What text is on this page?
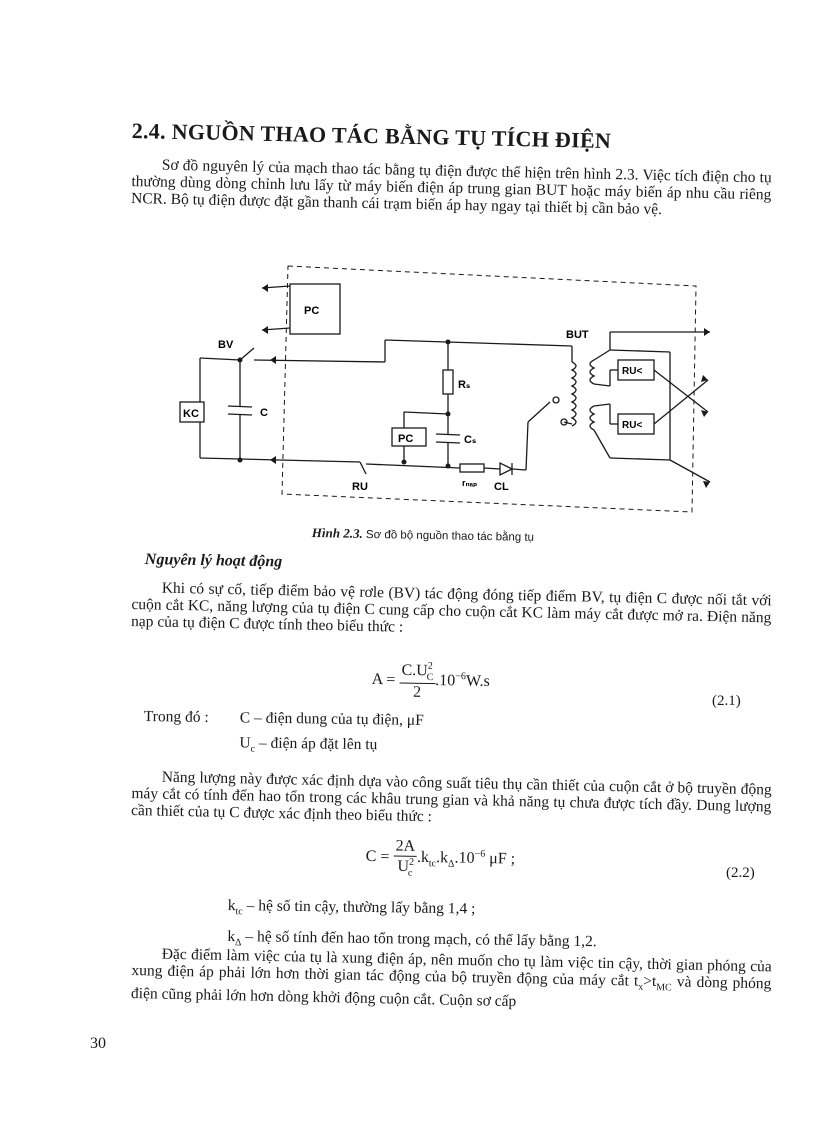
2.4. NGUỒN THAO TÁC BẰNG TỤ TÍCH ĐIỆN
Sơ đồ nguyên lý của mạch thao tác bằng tụ điện được thể hiện trên hình 2.3. Việc tích điện cho tụ thường dùng dòng chỉnh lưu lấy từ máy biến điện áp trung gian BUT hoặc máy biến áp nhu cầu riêng NCR. Bộ tụ điện được đặt gần thanh cái trạm biến áp hay ngay tại thiết bị cần bảo vệ.
PC
BV
KC	C
Rₛ
PC	Cₛ
RU	rₙₐₚ CL
BUT
RU<
RU<
Hình 2.3. Sơ đồ bộ nguồn thao tác bằng tụ
Nguyên lý hoạt động
Khi có sự cố, tiếp điểm bảo vệ rơle (BV) tác động đóng tiếp điểm BV, tụ điện C được nối tắt với cuộn cắt KC, năng lượng của tụ điện C cung cấp cho cuộn cắt KC làm máy cắt được mở ra. Điện năng nạp của tụ điện C được tính theo biểu thức :
$A = \frac{C.U^2_C}{2} .10^{-6}W.s$
(2.1)
Trong đó : C – điện dung của tụ điện, μF
$U_c$ – điện áp đặt lên tụ
Năng lượng này được xác định dựa vào công suất tiêu thụ cần thiết của cuộn cắt ở bộ truyền động máy cắt có tính đến hao tổn trong các khâu trung gian và khả năng tụ chưa được tích đầy. Dung lượng cần thiết của tụ C được xác định theo biểu thức :
$C = \frac{2A}{U^2_c} .k_{tc}.k_\Delta.10^{-6}$ μF ;
(2.2)
$k_{tc}$ – hệ số tin cậy, thường lấy bằng 1,4 ;
$k_\Delta$ – hệ số tính đến hao tổn trong mạch, có thể lấy bằng 1,2.
Đặc điểm làm việc của tụ là xung điện áp, nên muốn cho tụ làm việc tin cậy, thời gian phóng của xung điện áp phải lớn hơn thời gian tác động của bộ truyền động của máy cắt $t_x>t_{MC}$ và dòng phóng điện cũng phải lớn hơn dòng khởi động cuộn cắt. Cuộn sơ cấp
30
